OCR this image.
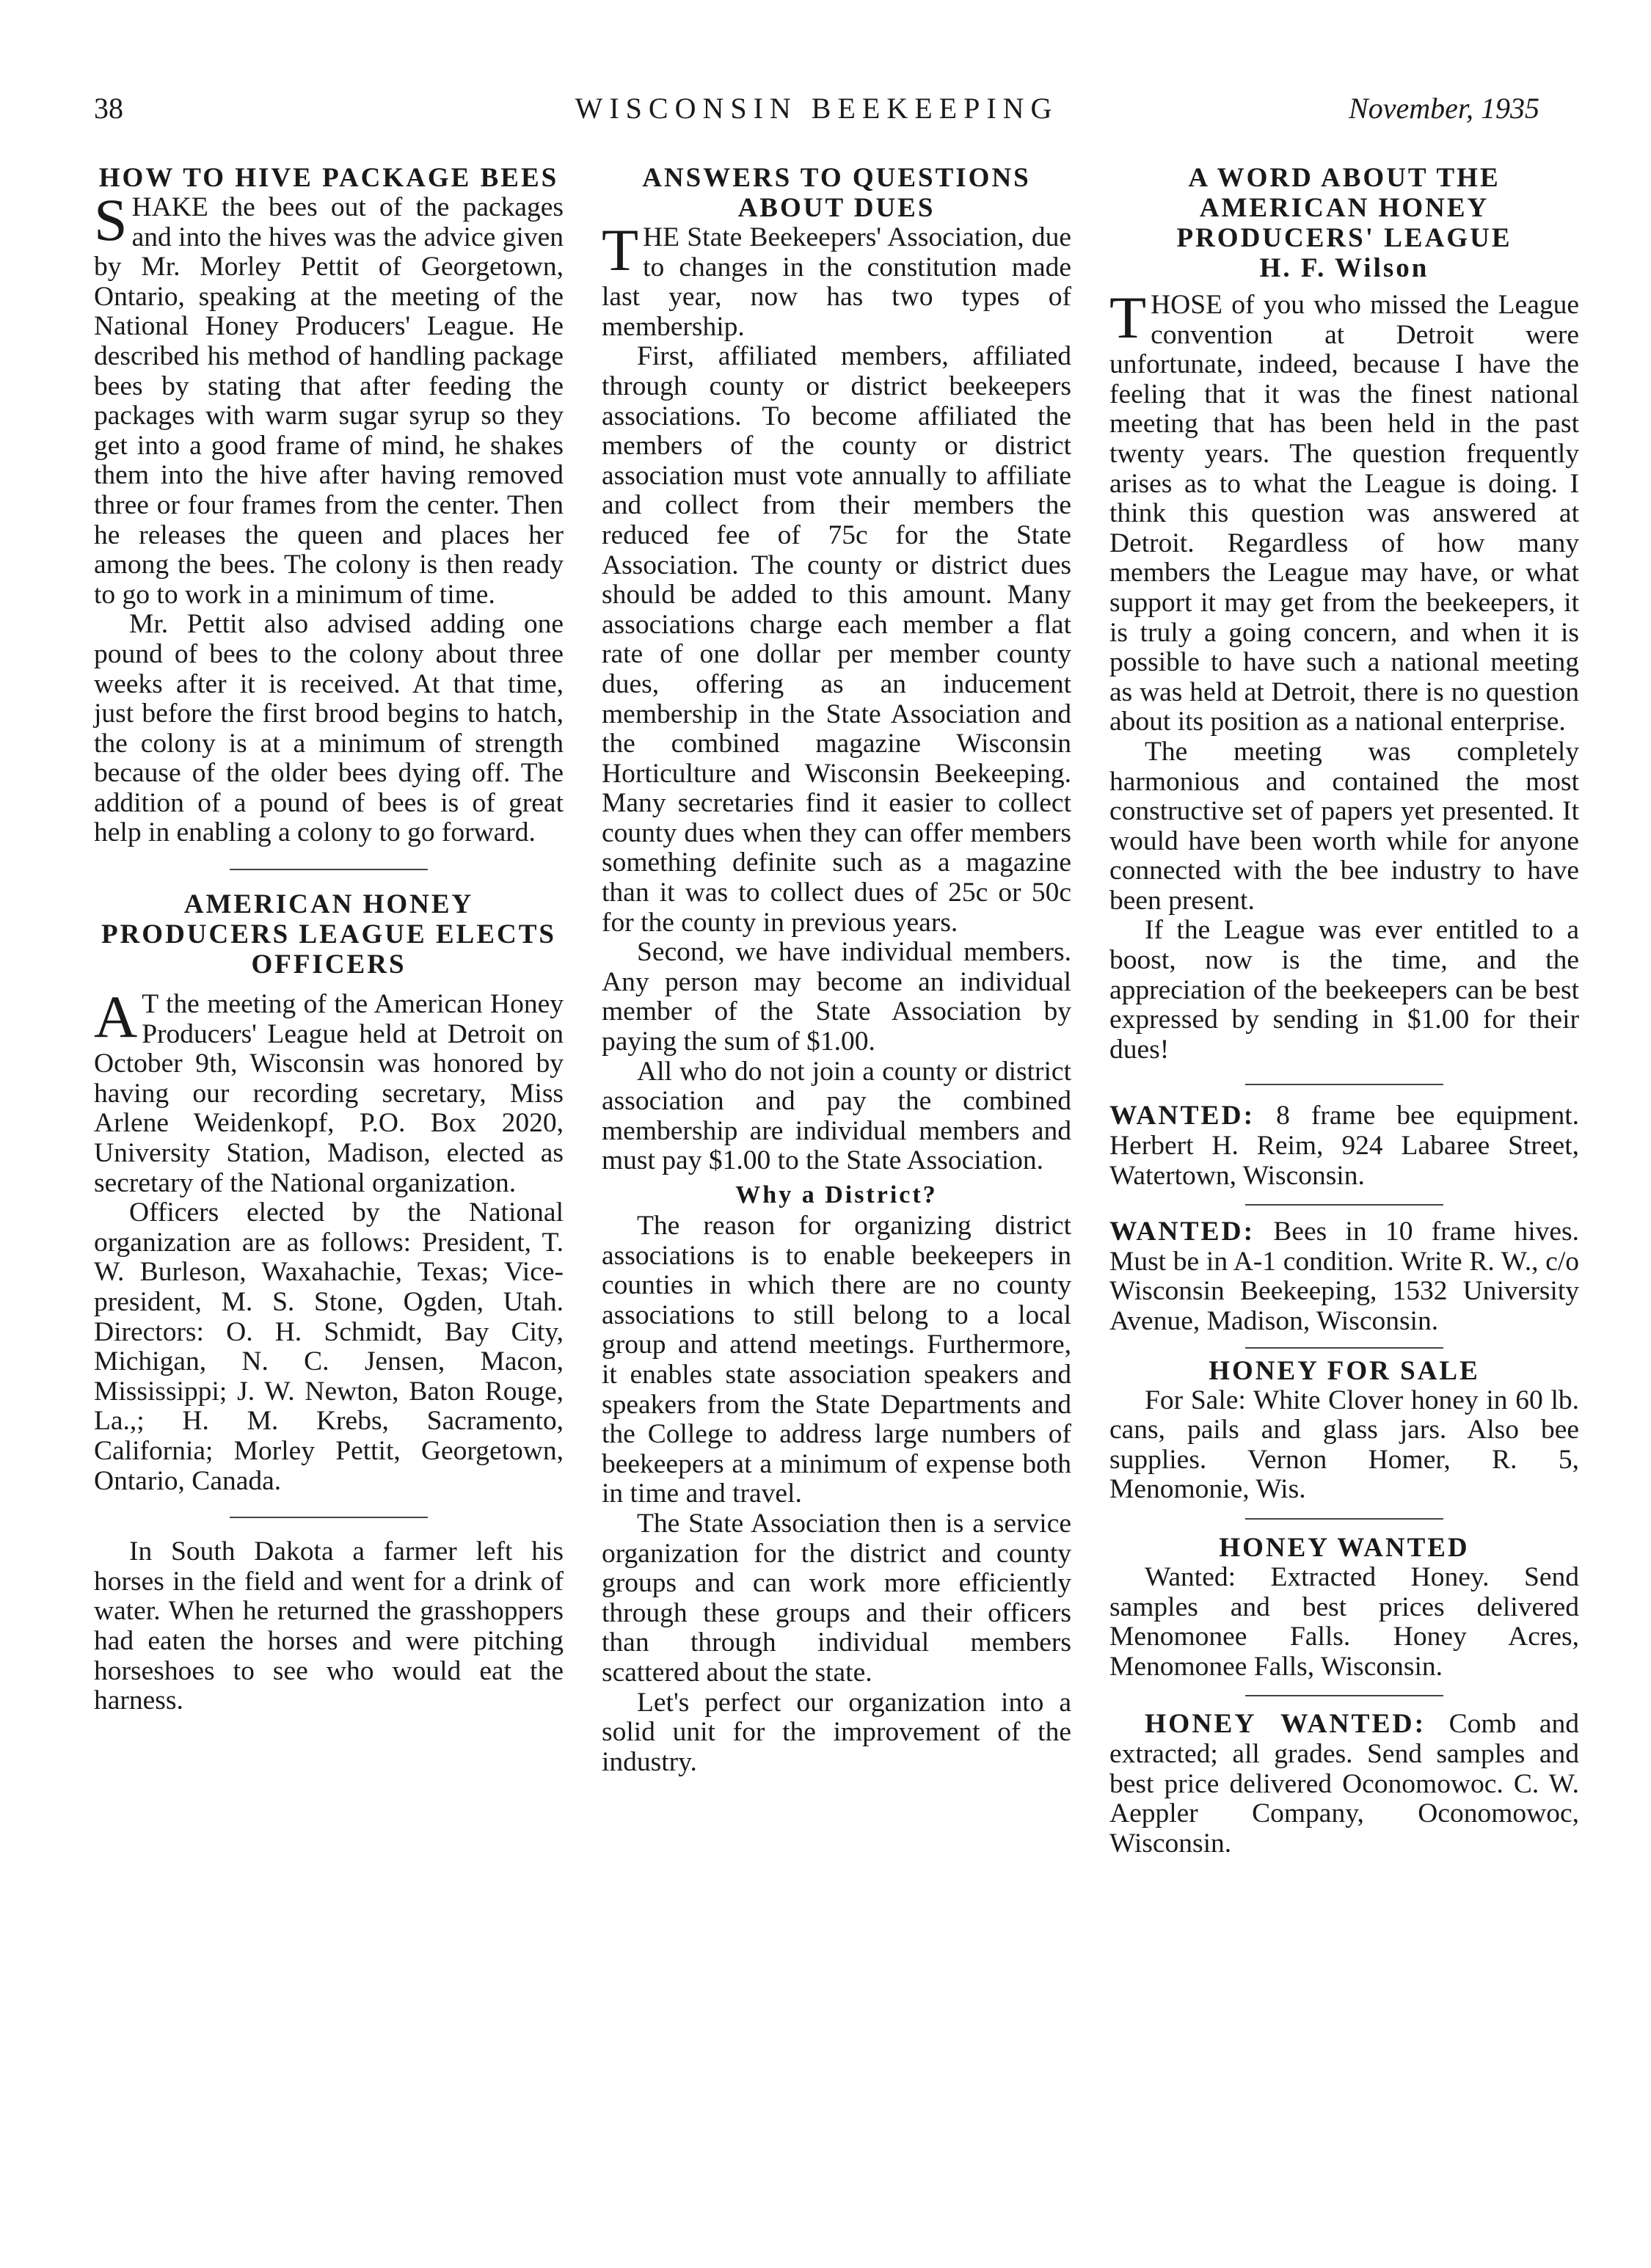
38	WISCONSIN BEEKEEPING	November, 1935
HOW TO HIVE PACKAGE BEES

SHAKE the bees out of the packages and into the hives was the advice given by Mr. Morley Pettit of Georgetown, Ontario, speaking at the meeting of the National Honey Producers' League. He described his method of handling package bees by stating that after feeding the packages with warm sugar syrup so they get into a good frame of mind, he shakes them into the hive after having removed three or four frames from the center. Then he releases the queen and places her among the bees. The colony is then ready to go to work in a minimum of time.

Mr. Pettit also advised adding one pound of bees to the colony about three weeks after it is received. At that time, just before the first brood begins to hatch, the colony is at a minimum of strength because of the older bees dying off. The addition of a pound of bees is of great help in enabling a colony to go forward.

AMERICAN HONEY PRODUCERS LEAGUE ELECTS OFFICERS

A T the meeting of the American Honey Producers' League held at Detroit on October 9th, Wisconsin was honored by having our recording secretary, Miss Arlene Weidenkopf, P.O. Box 2020, University Station, Madison, elected as secretary of the National organization.

Officers elected by the National organization are as follows: President, T. W. Burleson, Waxahachie, Texas; Vice-president, M. S. Stone, Ogden, Utah. Directors: O. H. Schmidt, Bay City, Michigan, N. C. Jensen, Macon, Mississippi; J. W. Newton, Baton Rouge, La.,; H. M. Krebs, Sacramento, California; Morley Pettit, Georgetown, Ontario, Canada.

In South Dakota a farmer left his horses in the field and went for a drink of water. When he returned the grasshoppers had eaten the horses and were pitching horseshoes to see who would eat the harness.

ANSWERS TO QUESTIONS ABOUT DUES

THE State Beekeepers' Association, due to changes in the constitution made last year, now has two types of membership.

First, affiliated members, affiliated through county or district beekeepers associations. To become affiliated the members of the county or district association must vote annually to affiliate and collect from their members the reduced fee of 75c for the State Association. The county or district dues should be added to this amount. Many associations charge each member a flat rate of one dollar per member county dues, offering as an inducement membership in the State Association and the combined magazine Wisconsin Horticulture and Wisconsin Beekeeping. Many secretaries find it easier to collect county dues when they can offer members something definite such as a magazine than it was to collect dues of 25c or 50c for the county in previous years.

Second, we have individual members. Any person may become an individual member of the State Association by paying the sum of $1.00.

All who do not join a county or district association and pay the combined membership are individual members and must pay $1.00 to the State Association.

Why a District?

The reason for organizing district associations is to enable beekeepers in counties in which there are no county associations to still belong to a local group and attend meetings. Furthermore, it enables state association speakers and speakers from the State Departments and the College to address large numbers of beekeepers at a minimum of expense both in time and travel.

The State Association then is a service organization for the district and county groups and can work more efficiently through these groups and their officers than through individual members scattered about the state.

Let's perfect our organization into a solid unit for the improvement of the industry.

A WORD ABOUT THE AMERICAN HONEY PRODUCERS' LEAGUE
H. F. Wilson

THOSE of you who missed the League convention at Detroit were unfortunate, indeed, because I have the feeling that it was the finest national meeting that has been held in the past twenty years. The question frequently arises as to what the League is doing. I think this question was answered at Detroit. Regardless of how many members the League may have, or what support it may get from the beekeepers, it is truly a going concern, and when it is possible to have such a national meeting as was held at Detroit, there is no question about its position as a national enterprise.

The meeting was completely harmonious and contained the most constructive set of papers yet presented. It would have been worth while for anyone connected with the bee industry to have been present.

If the League was ever entitled to a boost, now is the time, and the appreciation of the beekeepers can be best expressed by sending in $1.00 for their dues!

WANTED: 8 frame bee equipment. Herbert H. Reim, 924 Labaree Street, Watertown, Wisconsin.

WANTED: Bees in 10 frame hives. Must be in A-1 condition. Write R. W., c/o Wisconsin Beekeeping, 1532 University Avenue, Madison, Wisconsin.

HONEY FOR SALE

For Sale: White Clover honey in 60 lb. cans, pails and glass jars. Also bee supplies. Vernon Homer, R. 5, Menomonie, Wis.

HONEY WANTED

Wanted: Extracted Honey. Send samples and best prices delivered Menomonee Falls. Honey Acres, Menomonee Falls, Wisconsin.

HONEY WANTED: Comb and extracted; all grades. Send samples and best price delivered Oconomowoc. C. W. Aeppler Company, Oconomowoc, Wisconsin.
